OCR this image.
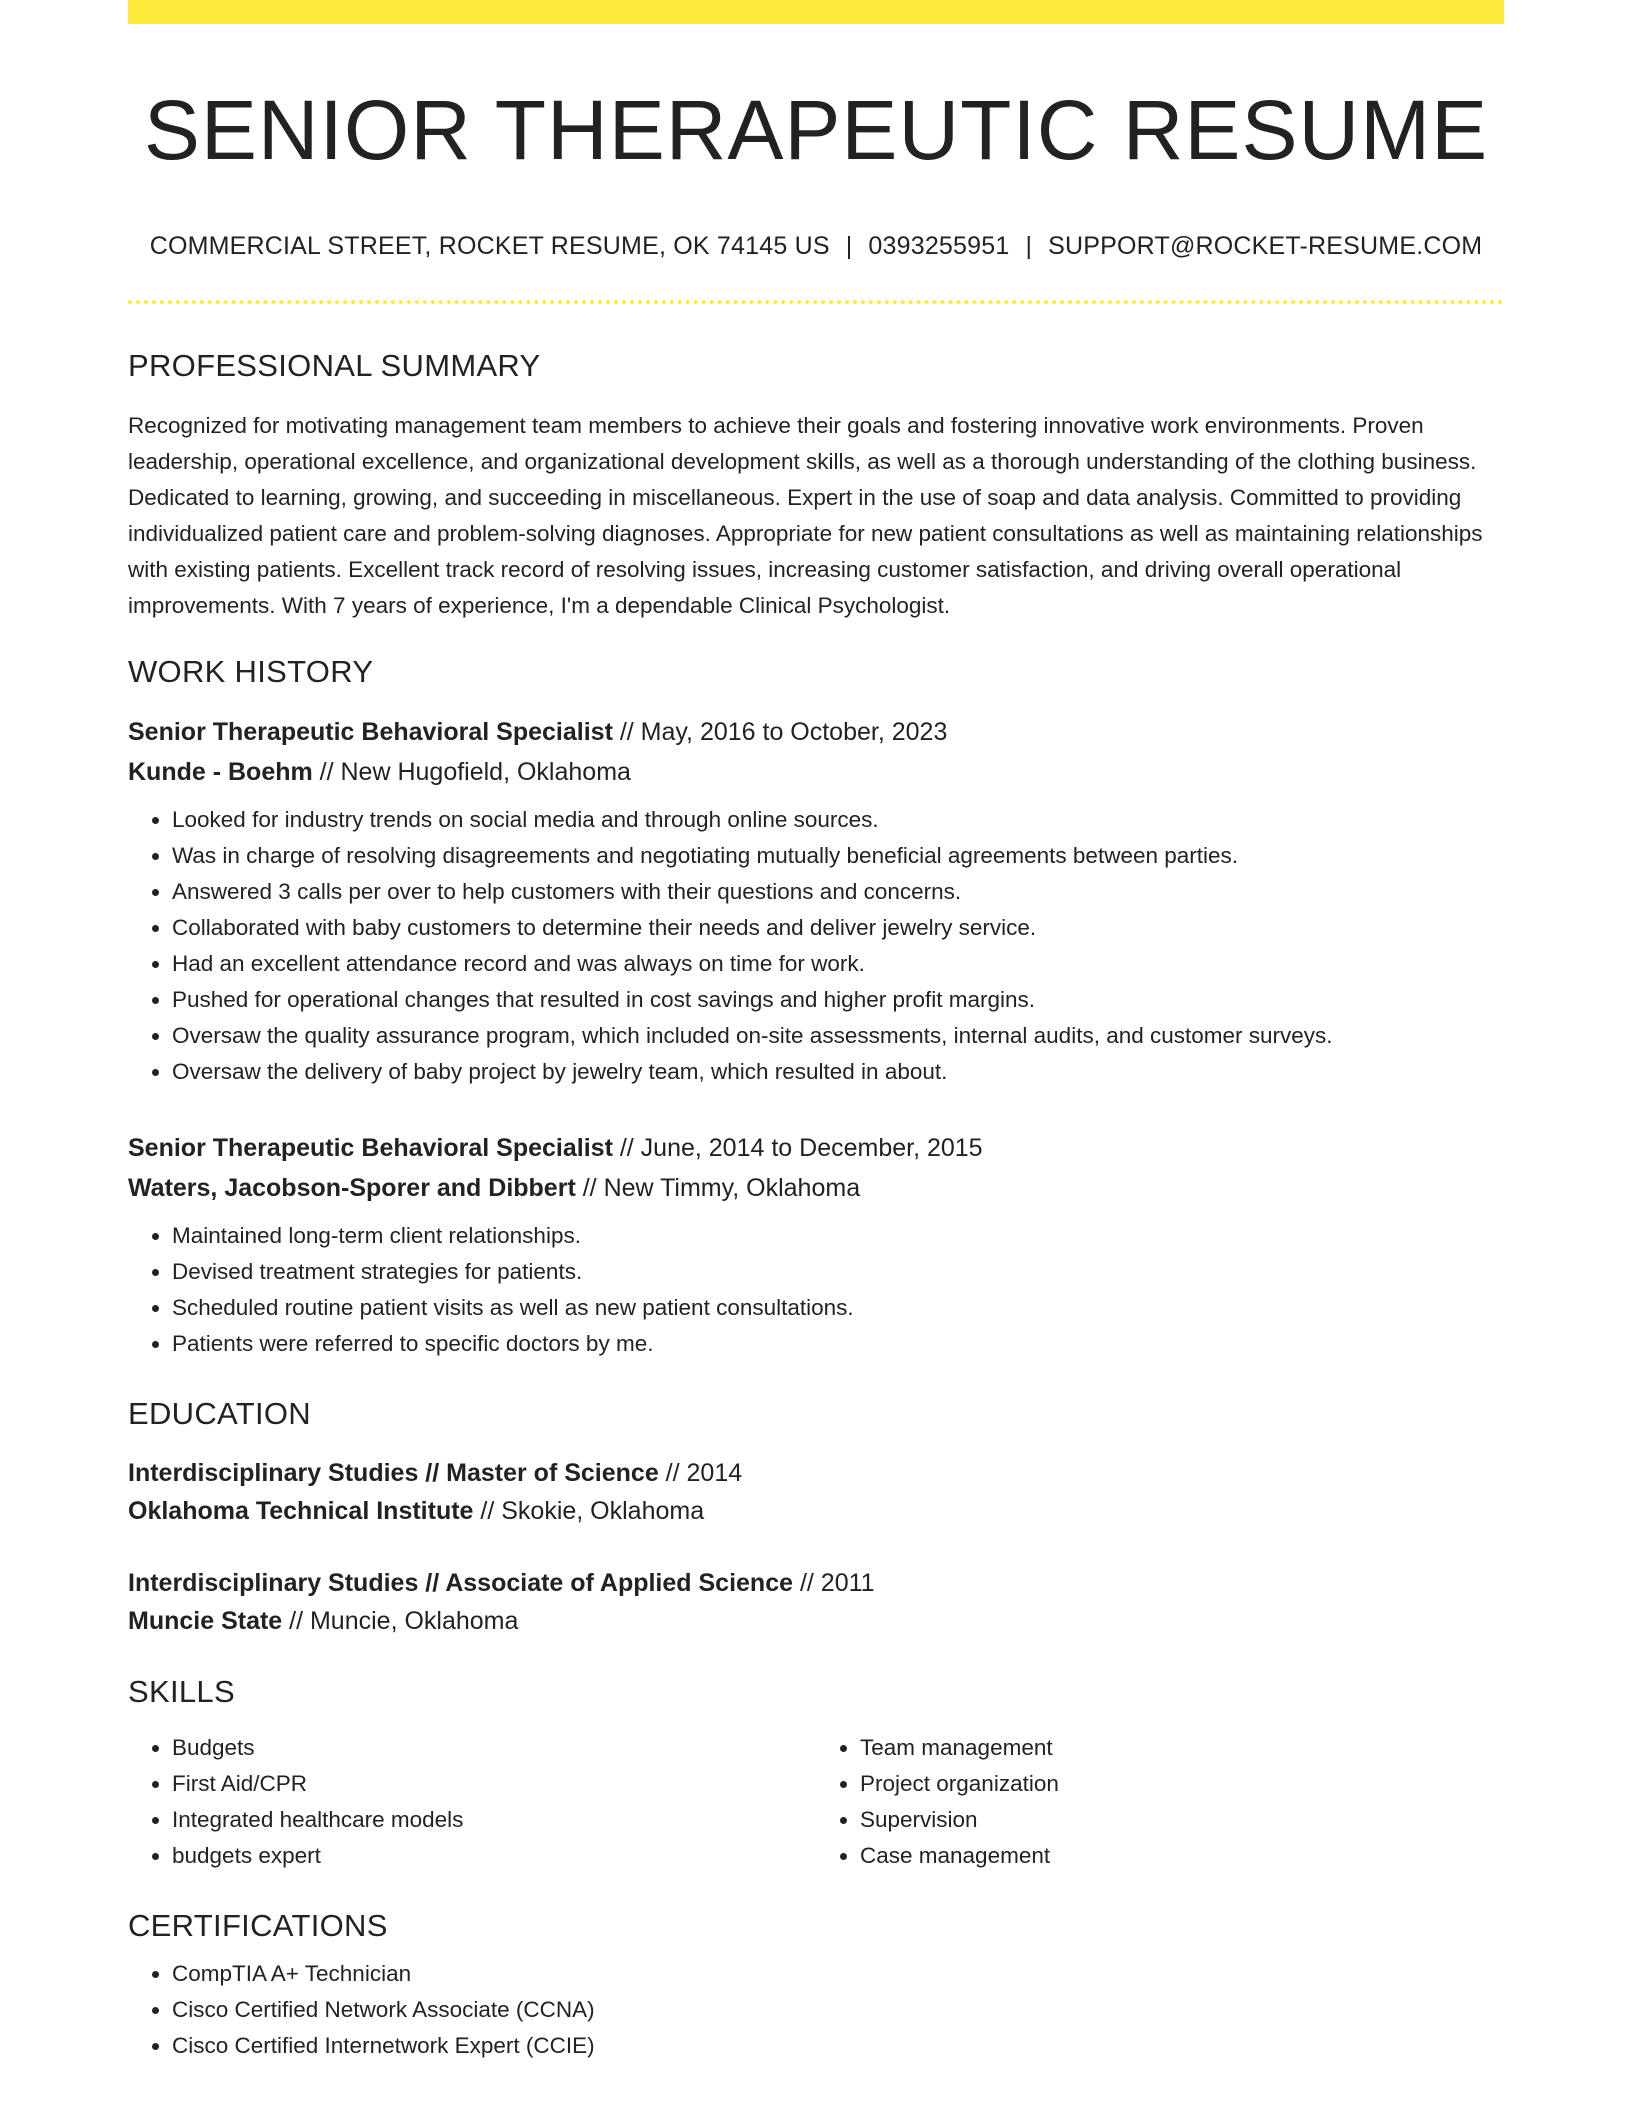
SENIOR THERAPEUTIC RESUME
COMMERCIAL STREET, ROCKET RESUME, OK 74145 US | 0393255951 | SUPPORT@ROCKET-RESUME.COM
PROFESSIONAL SUMMARY
Recognized for motivating management team members to achieve their goals and fostering innovative work environments. Proven leadership, operational excellence, and organizational development skills, as well as a thorough understanding of the clothing business. Dedicated to learning, growing, and succeeding in miscellaneous. Expert in the use of soap and data analysis. Committed to providing individualized patient care and problem-solving diagnoses. Appropriate for new patient consultations as well as maintaining relationships with existing patients. Excellent track record of resolving issues, increasing customer satisfaction, and driving overall operational improvements. With 7 years of experience, I'm a dependable Clinical Psychologist.
WORK HISTORY
Senior Therapeutic Behavioral Specialist // May, 2016 to October, 2023
Kunde - Boehm // New Hugofield, Oklahoma
• Looked for industry trends on social media and through online sources.
• Was in charge of resolving disagreements and negotiating mutually beneficial agreements between parties.
• Answered 3 calls per over to help customers with their questions and concerns.
• Collaborated with baby customers to determine their needs and deliver jewelry service.
• Had an excellent attendance record and was always on time for work.
• Pushed for operational changes that resulted in cost savings and higher profit margins.
• Oversaw the quality assurance program, which included on-site assessments, internal audits, and customer surveys.
• Oversaw the delivery of baby project by jewelry team, which resulted in about.
Senior Therapeutic Behavioral Specialist // June, 2014 to December, 2015
Waters, Jacobson-Sporer and Dibbert // New Timmy, Oklahoma
• Maintained long-term client relationships.
• Devised treatment strategies for patients.
• Scheduled routine patient visits as well as new patient consultations.
• Patients were referred to specific doctors by me.
EDUCATION
Interdisciplinary Studies // Master of Science // 2014
Oklahoma Technical Institute // Skokie, Oklahoma
Interdisciplinary Studies // Associate of Applied Science // 2011
Muncie State // Muncie, Oklahoma
SKILLS
• Budgets
• First Aid/CPR
• Integrated healthcare models
• budgets expert
• Team management
• Project organization
• Supervision
• Case management
CERTIFICATIONS
• CompTIA A+ Technician
• Cisco Certified Network Associate (CCNA)
• Cisco Certified Internetwork Expert (CCIE)
